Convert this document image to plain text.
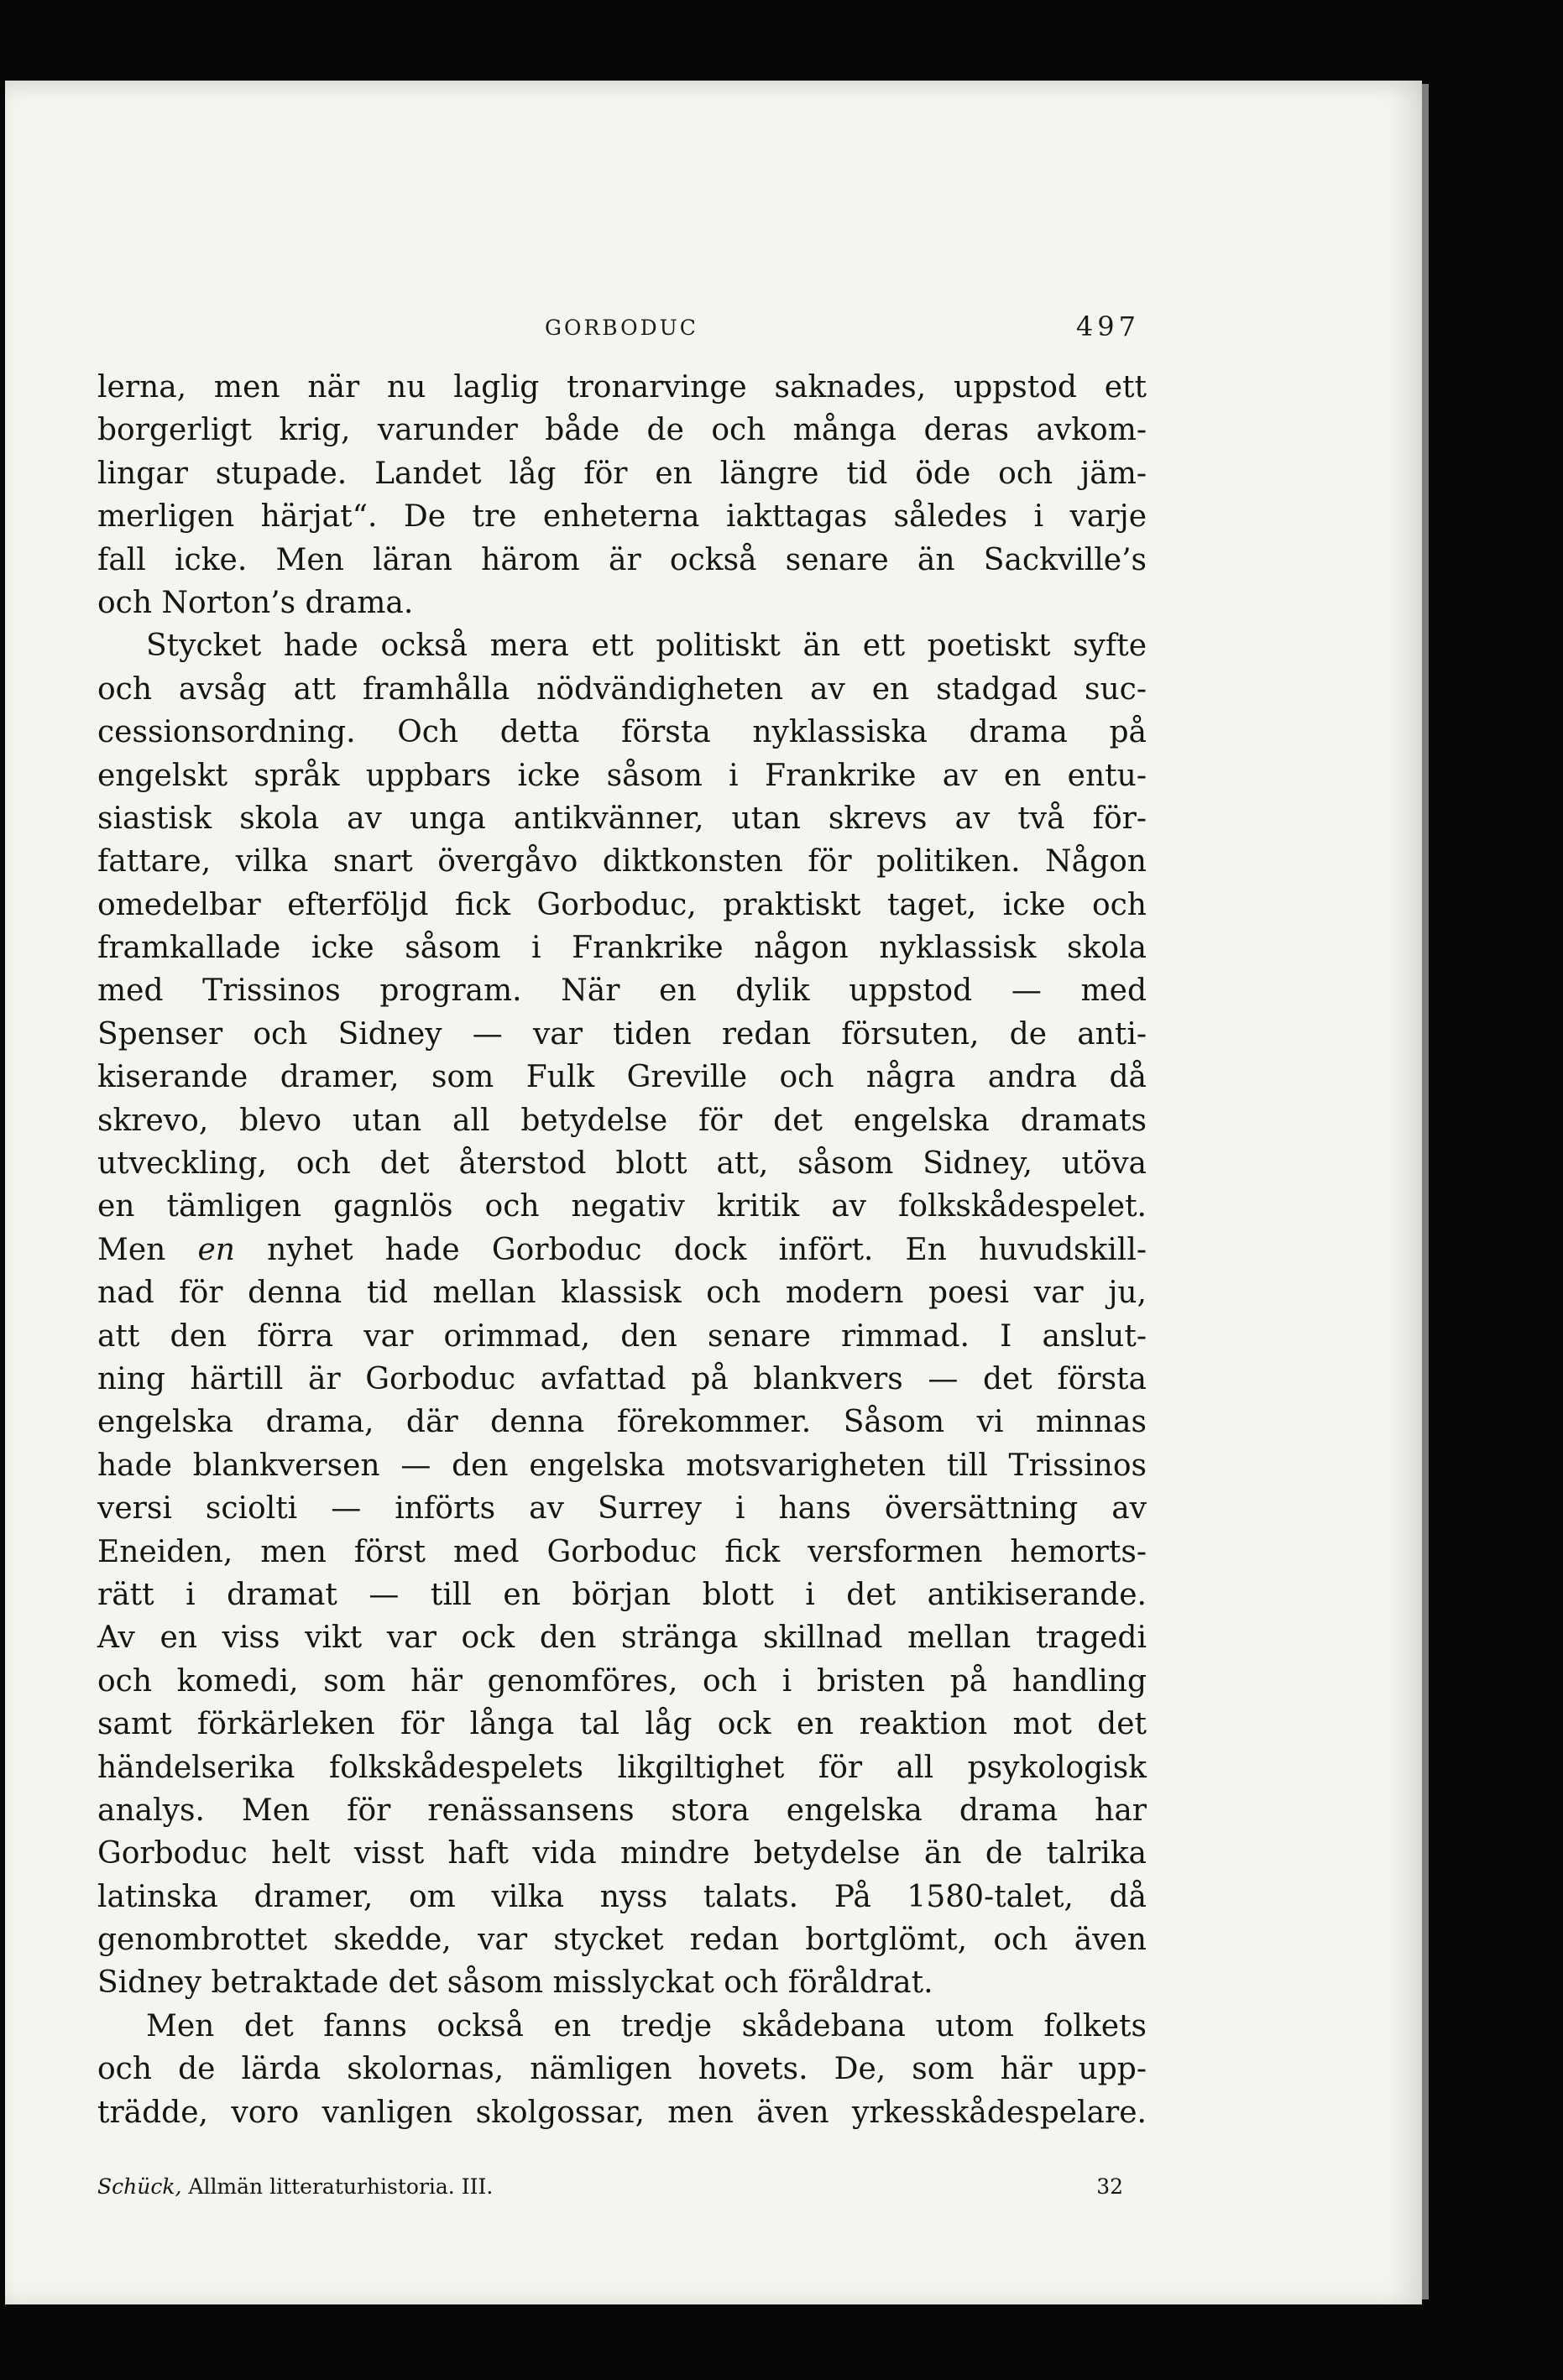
GORBODUC	497
lerna, men när nu laglig tronarvinge saknades, uppstod ett
borgerligt krig, varunder både de och många deras avkom-
lingar stupade. Landet låg för en längre tid öde och jäm-
merligen härjat“. De tre enheterna iakttagas således i varje
fall icke. Men läran härom är också senare än Sackville’s
och Norton’s drama.
Stycket hade också mera ett politiskt än ett poetiskt syfte
och avsåg att framhålla nödvändigheten av en stadgad suc-
cessionsordning. Och detta första nyklassiska drama på
engelskt språk uppbars icke såsom i Frankrike av en entu-
siastisk skola av unga antikvänner, utan skrevs av två för-
fattare, vilka snart övergåvo diktkonsten för politiken. Någon
omedelbar efterföljd fick Gorboduc, praktiskt taget, icke och
framkallade icke såsom i Frankrike någon nyklassisk skola
med Trissinos program. När en dylik uppstod — med
Spenser och Sidney — var tiden redan försuten, de anti-
kiserande dramer, som Fulk Greville och några andra då
skrevo, blevo utan all betydelse för det engelska dramats
utveckling, och det återstod blott att, såsom Sidney, utöva
en tämligen gagnlös och negativ kritik av folkskådespelet.
Men en nyhet hade Gorboduc dock infört. En huvudskill-
nad för denna tid mellan klassisk och modern poesi var ju,
att den förra var orimmad, den senare rimmad. I anslut-
ning härtill är Gorboduc avfattad på blankvers — det första
engelska drama, där denna förekommer. Såsom vi minnas
hade blankversen — den engelska motsvarigheten till Trissinos
versi sciolti — införts av Surrey i hans översättning av
Eneiden, men först med Gorboduc fick versformen hemorts-
rätt i dramat — till en början blott i det antikiserande.
Av en viss vikt var ock den stränga skillnad mellan tragedi
och komedi, som här genomföres, och i bristen på handling
samt förkärleken för långa tal låg ock en reaktion mot det
händelserika folkskådespelets likgiltighet för all psykologisk
analys. Men för renässansens stora engelska drama har
Gorboduc helt visst haft vida mindre betydelse än de talrika
latinska dramer, om vilka nyss talats. På 1580-talet, då
genombrottet skedde, var stycket redan bortglömt, och även
Sidney betraktade det såsom misslyckat och föråldrat.
Men det fanns också en tredje skådebana utom folkets
och de lärda skolornas, nämligen hovets. De, som här upp-
trädde, voro vanligen skolgossar, men även yrkesskådespelare.
Schück, Allmän litteraturhistoria. III.	32
